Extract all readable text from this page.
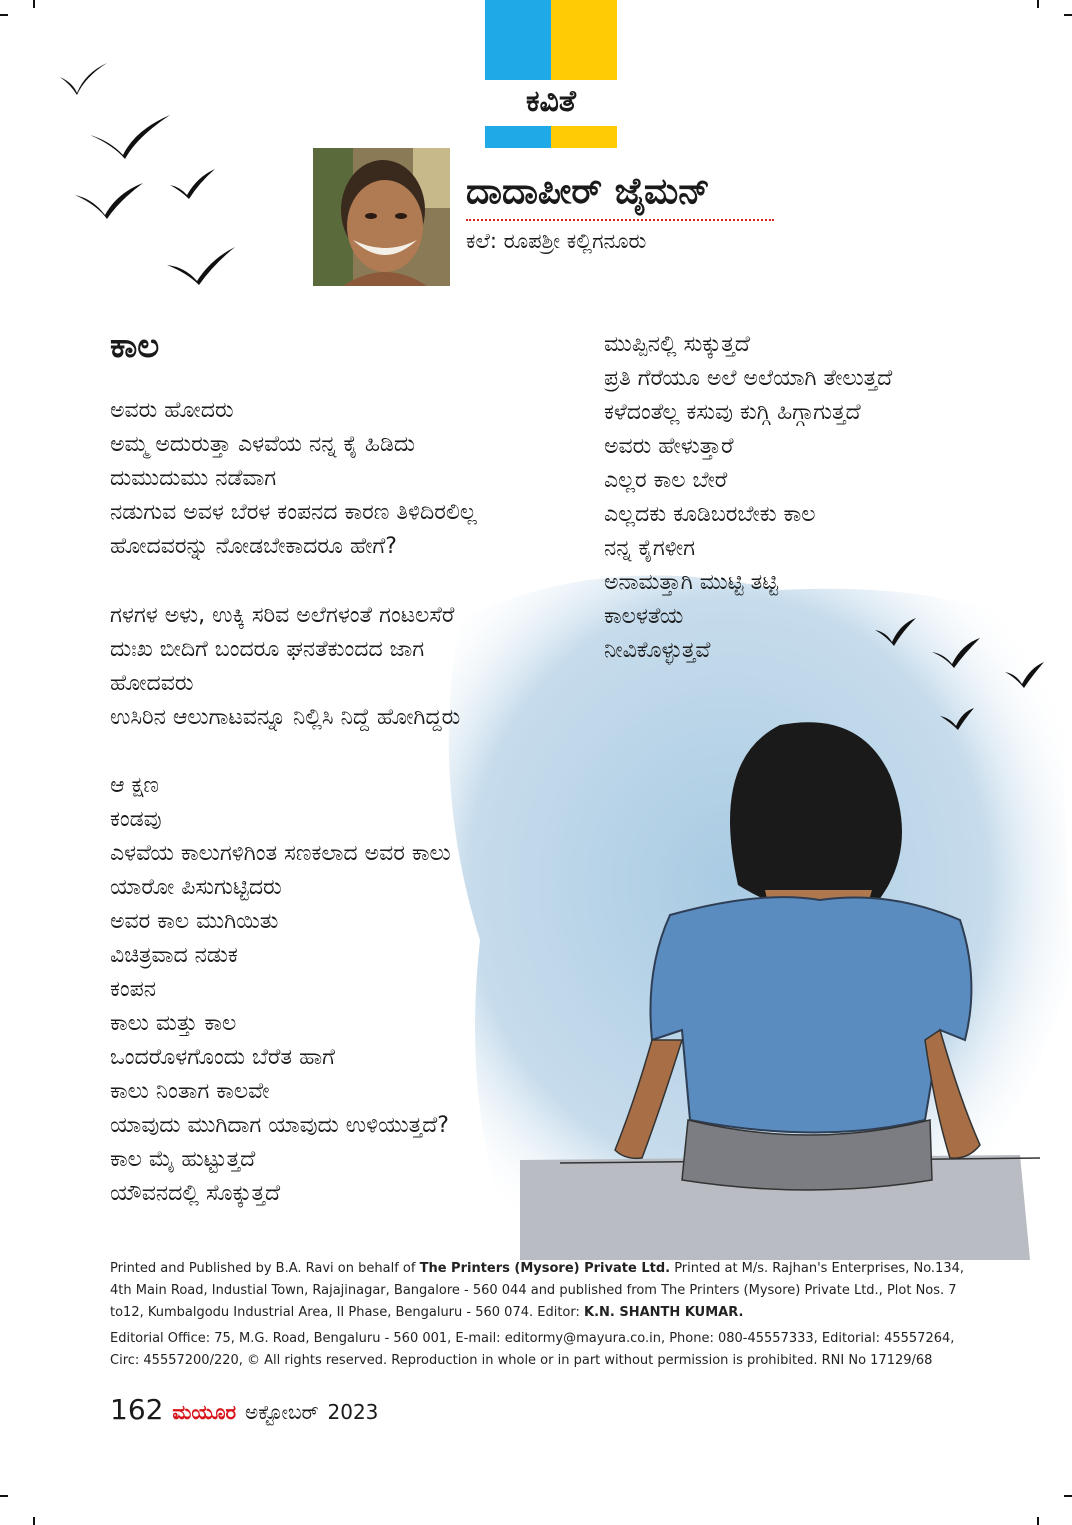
ಕವಿತೆ
ದಾದಾಪೀರ್ ಜೈಮನ್
ಕಲೆ: ರೂಪಶ್ರೀ ಕಲ್ಲಿಗನೂರು
ಕಾಲ
ಅವರು ಹೋದರು
ಅಮ್ಮ ಅದುರುತ್ತಾ ಎಳವೆಯ ನನ್ನ ಕೈ ಹಿಡಿದು
ದುಮುದುಮು ನಡೆವಾಗ
ನಡುಗುವ ಅವಳ ಬೆರಳ ಕಂಪನದ ಕಾರಣ ತಿಳಿದಿರಲಿಲ್ಲ
ಹೋದವರನ್ನು ನೋಡಬೇಕಾದರೂ ಹೇಗೆ?
ಗಳಗಳ ಅಳು, ಉಕ್ಕಿ ಸರಿವ ಅಲೆಗಳಂತೆ ಗಂಟಲಸೆರೆ
ದುಃಖ ಬೀದಿಗೆ ಬಂದರೂ ಘನತೆಕುಂದದ ಜಾಗ
ಹೋದವರು
ಉಸಿರಿನ ಆಲುಗಾಟವನ್ನೂ ನಿಲ್ಲಿಸಿ ನಿದ್ದೆ ಹೋಗಿದ್ದರು
ಆ ಕ್ಷಣ
ಕಂಡವು
ಎಳವೆಯ ಕಾಲುಗಳಿಗಿಂತ ಸಣಕಲಾದ ಅವರ ಕಾಲು
ಯಾರೋ ಪಿಸುಗುಟ್ಟಿದರು
ಅವರ ಕಾಲ ಮುಗಿಯಿತು
ವಿಚಿತ್ರವಾದ ನಡುಕ
ಕಂಪನ
ಕಾಲು ಮತ್ತು ಕಾಲ
ಒಂದರೊಳಗೊಂದು ಬೆರೆತ ಹಾಗೆ
ಕಾಲು ನಿಂತಾಗ ಕಾಲವೇ
ಯಾವುದು ಮುಗಿದಾಗ ಯಾವುದು ಉಳಿಯುತ್ತದೆ?
ಕಾಲ ಮೈ ಹುಟ್ಟುತ್ತದೆ
ಯೌವನದಲ್ಲಿ ಸೊಕ್ಕುತ್ತದೆ
ಮುಪ್ಪಿನಲ್ಲಿ ಸುಕ್ಕುತ್ತದೆ
ಪ್ರತಿ ಗೆರೆಯೂ ಅಲೆ ಅಲೆಯಾಗಿ ತೇಲುತ್ತದೆ
ಕಳೆದಂತೆಲ್ಲ ಕಸುವು ಕುಗ್ಗಿ ಹಿಗ್ಗಾಗುತ್ತದೆ
ಅವರು ಹೇಳುತ್ತಾರೆ
ಎಲ್ಲರ ಕಾಲ ಬೇರೆ
ಎಲ್ಲದಕು ಕೂಡಿಬರಬೇಕು ಕಾಲ
ನನ್ನ ಕೈಗಳೀಗ
ಅನಾಮತ್ತಾಗಿ ಮುಟ್ಟಿ ತಟ್ಟಿ
ಕಾಲಳತೆಯ
ನೀವಿಕೊಳ್ಳುತ್ತವೆ
Printed and Published by B.A. Ravi on behalf of The Printers (Mysore) Private Ltd. Printed at M/s. Rajhan's Enterprises, No.134, 4th Main Road, Industial Town, Rajajinagar, Bangalore - 560 044 and published from The Printers (Mysore) Private Ltd., Plot Nos. 7 to12, Kumbalgodu Industrial Area, II Phase, Bengaluru - 560 074. Editor: K.N. SHANTH KUMAR.
Editorial Office: 75, M.G. Road, Bengaluru - 560 001, E-mail: editormy@mayura.co.in, Phone: 080-45557333, Editorial: 45557264, Circ: 45557200/220, © All rights reserved. Reproduction in whole or in part without permission is prohibited. RNI No 17129/68
162 ಮಯೂರ ಅಕ್ಟೋಬರ್ 2023
